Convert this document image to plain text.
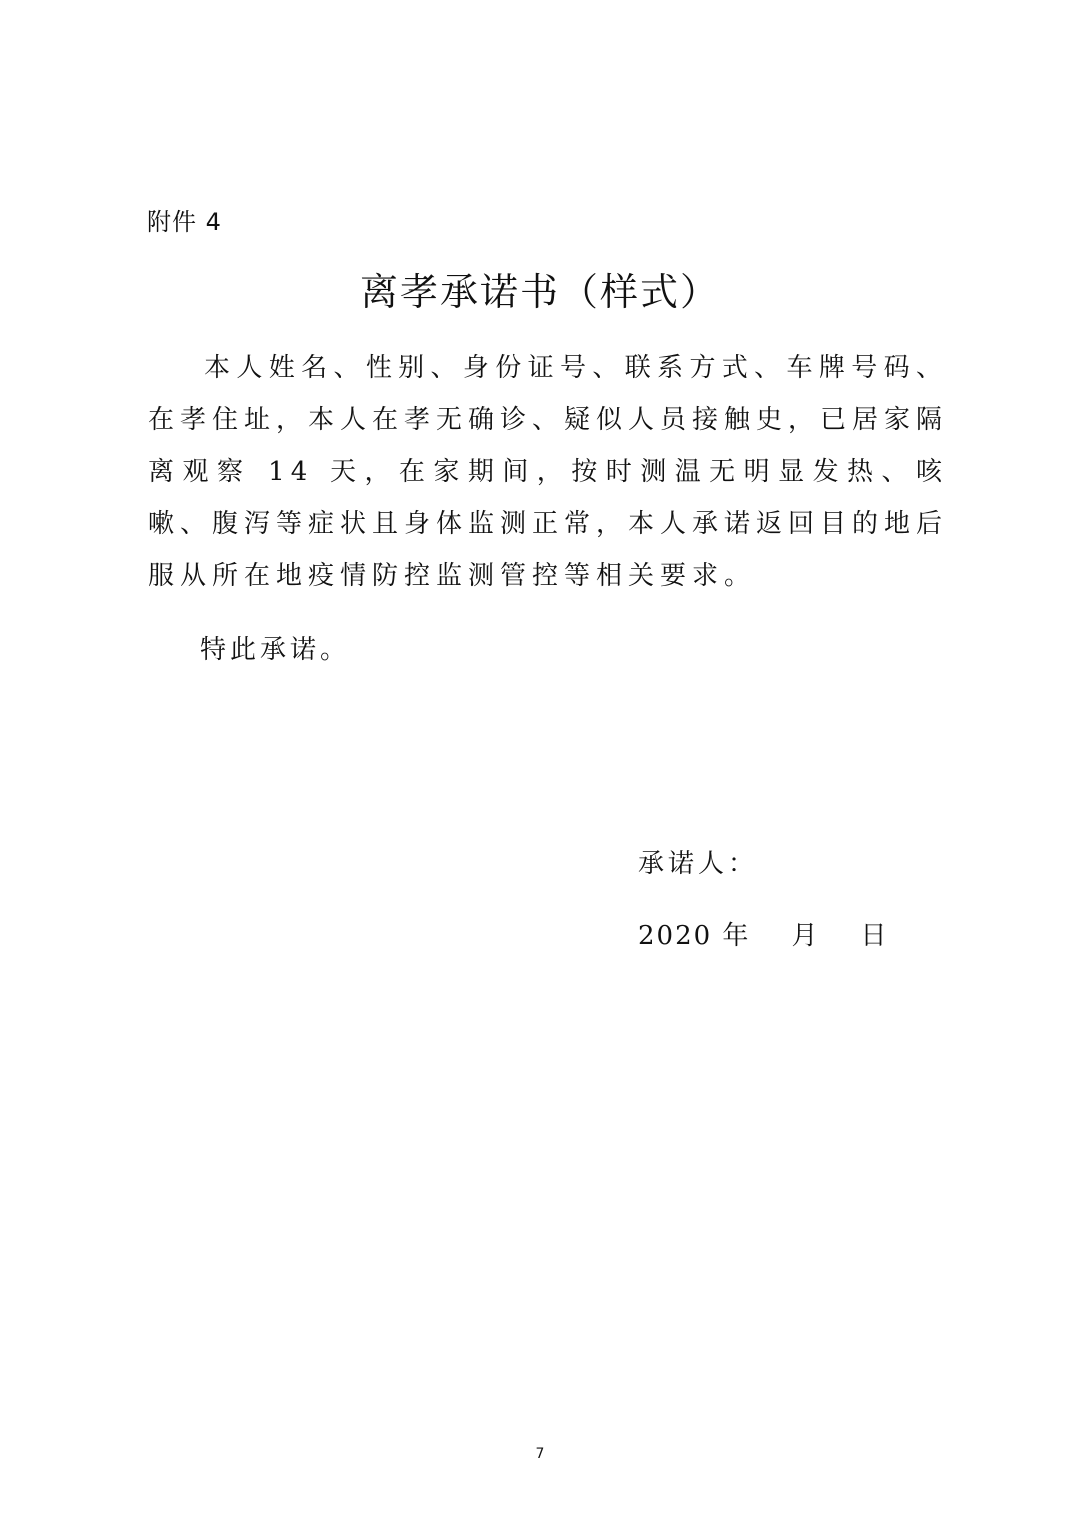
附件 4
离孝承诺书（样式）

本人姓名、性别、身份证号、联系方式、车牌号码、在孝住址，本人在孝无确诊、疑似人员接触史，已居家隔离观察 14 天，在家期间，按时测温无明显发热、咳嗽、腹泻等症状且身体监测正常，本人承诺返回目的地后服从所在地疫情防控监测管控等相关要求。

特此承诺。

承诺人：
2020 年    月    日
7
